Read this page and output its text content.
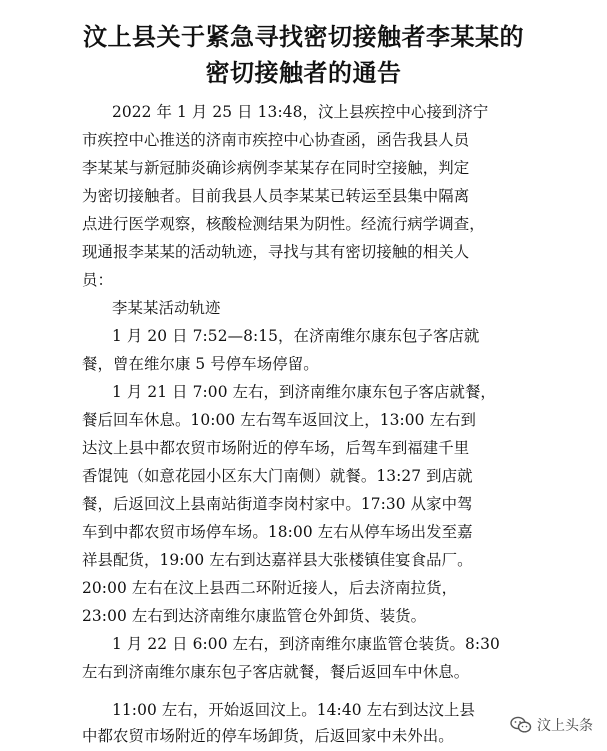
汶上县关于紧急寻找密切接触者李某某的
密切接触者的通告
2022 年 1 月 25 日 13:48，汶上县疾控中心接到济宁
市疾控中心推送的济南市疾控中心协查函，函告我县人员
李某某与新冠肺炎确诊病例李某某存在同时空接触，判定
为密切接触者。目前我县人员李某某已转运至县集中隔离
点进行医学观察，核酸检测结果为阴性。经流行病学调查，
现通报李某某的活动轨迹，寻找与其有密切接触的相关人
员：
李某某活动轨迹
1 月 20 日 7:52—8:15，在济南维尔康东包子客店就
餐，曾在维尔康 5 号停车场停留。
1 月 21 日 7:00 左右，到济南维尔康东包子客店就餐，
餐后回车休息。10:00 左右驾车返回汶上，13:00 左右到
达汶上县中都农贸市场附近的停车场，后驾车到福建千里
香馄饨（如意花园小区东大门南侧）就餐。13:27 到店就
餐，后返回汶上县南站街道李岗村家中。17:30 从家中驾
车到中都农贸市场停车场。18:00 左右从停车场出发至嘉
祥县配货，19:00 左右到达嘉祥县大张楼镇佳宴食品厂。
20:00 左右在汶上县西二环附近接人，后去济南拉货，
23:00 左右到达济南维尔康监管仓外卸货、装货。
1 月 22 日 6:00 左右，到济南维尔康监管仓装货。8:30
左右到济南维尔康东包子客店就餐，餐后返回车中休息。
11:00 左右，开始返回汶上。14:40 左右到达汶上县
中都农贸市场附近的停车场卸货，后返回家中未外出。
汶上头条
